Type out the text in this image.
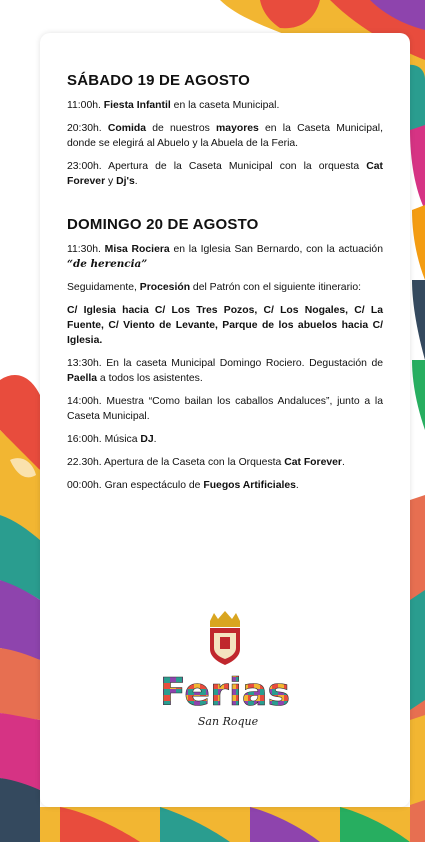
SÁBADO 19 DE AGOSTO

11:00h. Fiesta Infantil en la caseta Municipal.

20:30h. Comida de nuestros mayores en la Caseta Municipal, donde se elegirá al Abuelo y la Abuela de la Feria.

23:00h. Apertura de la Caseta Municipal con la orquesta Cat Forever y Dj's.

DOMINGO 20 DE AGOSTO

11:30h. Misa Rociera en la Iglesia San Bernardo, con la actuación “de herencia”

Seguidamente, Procesión del Patrón con el siguiente itinerario:

C/ Iglesia hacia C/ Los Tres Pozos, C/ Los Nogales, C/ La Fuente, C/ Viento de Levante, Parque de los abuelos hacia C/ Iglesia.

13:30h. En la caseta Municipal Domingo Rociero. Degustación de Paella a todos los asistentes.

14:00h. Muestra “Como bailan los caballos Andaluces”, junto a la Caseta Municipal.

16:00h. Música DJ.

22.30h. Apertura de la Caseta con la Orquesta Cat Forever.

00:00h. Gran espectáculo de Fuegos Artificiales.

Ferias
San Roque
